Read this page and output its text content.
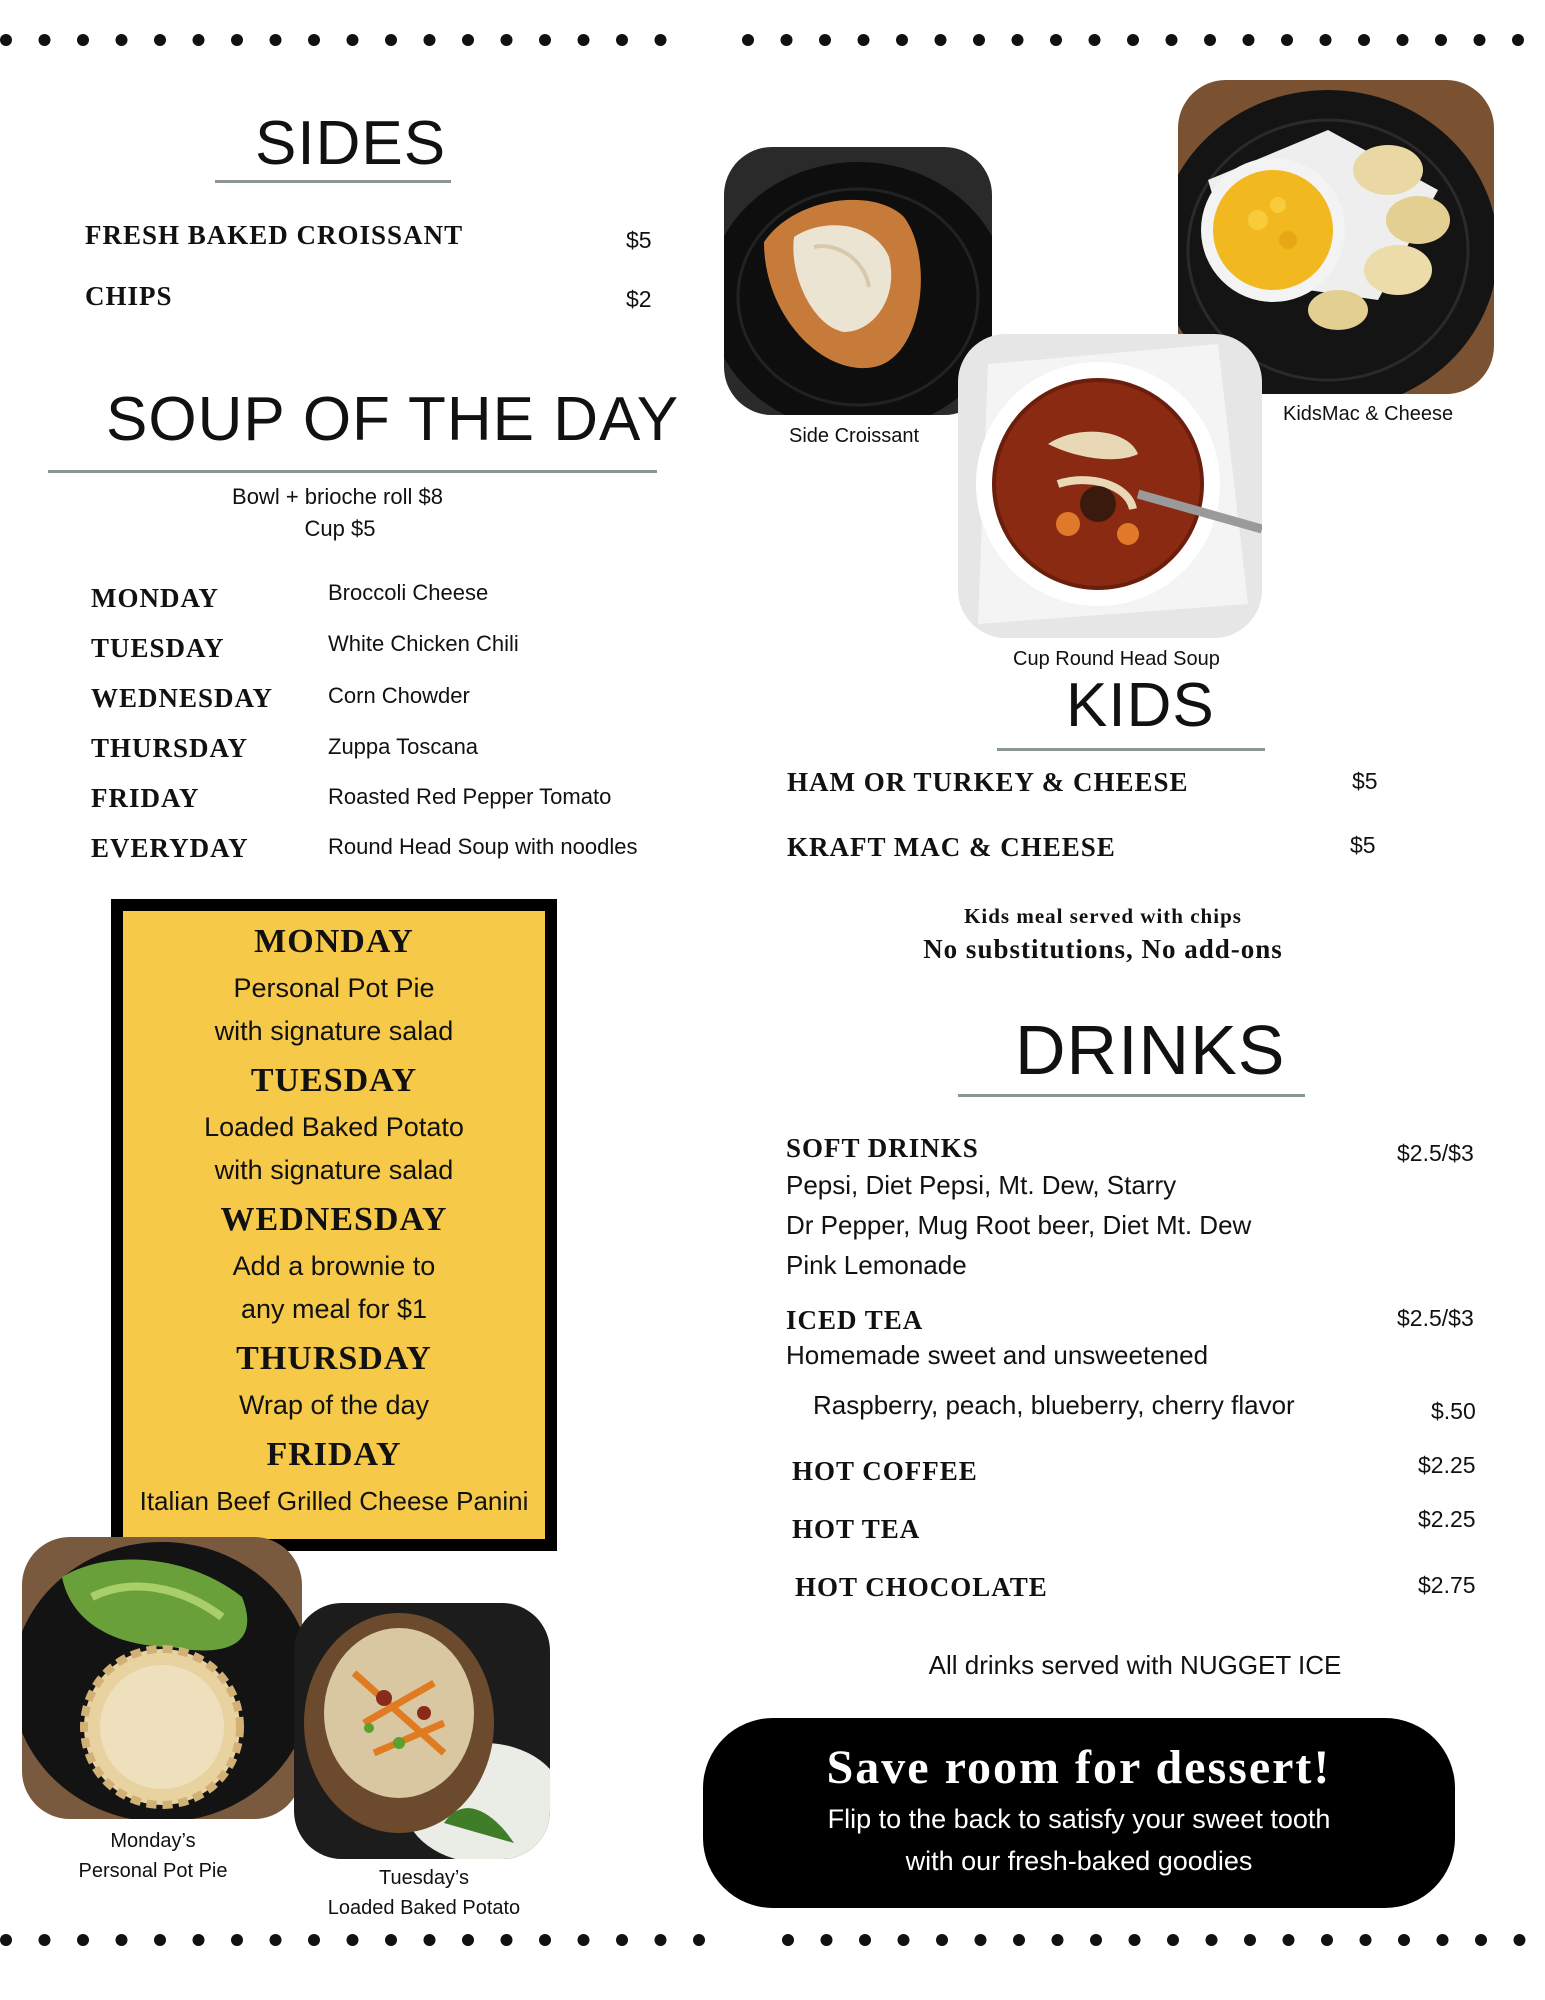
SIDES
FRESH BAKED CROISSANT	$5
CHIPS	$2
SOUP OF THE DAY
Bowl + brioche roll $8
Cup $5
MONDAY	Broccoli Cheese
TUESDAY	White Chicken Chili
WEDNESDAY Corn Chowder
THURSDAY	Zuppa Toscana
FRIDAY	Roasted Red Pepper Tomato
EVERYDAY	Round Head Soup with noodles
MONDAY
Personal Pot Pie
with signature salad
TUESDAY
Loaded Baked Potato
with signature salad
WEDNESDAY
Add a brownie to
any meal for $1
THURSDAY
Wrap of the day
FRIDAY
Italian Beef Grilled Cheese Panini
Side Croissant
KidsMac & Cheese
Cup Round Head Soup
KIDS
HAM OR TURKEY & CHEESE	$5
KRAFT MAC & CHEESE	$5
Kids meal served with chips
No substitutions, No add-ons
DRINKS
SOFT DRINKS	$2.5/$3
Pepsi, Diet Pepsi, Mt. Dew, Starry
Dr Pepper, Mug Root beer, Diet Mt. Dew
Pink Lemonade
ICED TEA	$2.5/$3
Homemade sweet and unsweetened
Raspberry, peach, blueberry, cherry flavor	$.50
HOT COFFEE	$2.25
HOT TEA	$2.25
HOT CHOCOLATE	$2.75
All drinks served with NUGGET ICE
Save room for dessert!
Flip to the back to satisfy your sweet tooth
with our fresh-baked goodies
Monday’s
Personal Pot Pie	Tuesday’s
Loaded Baked Potato
